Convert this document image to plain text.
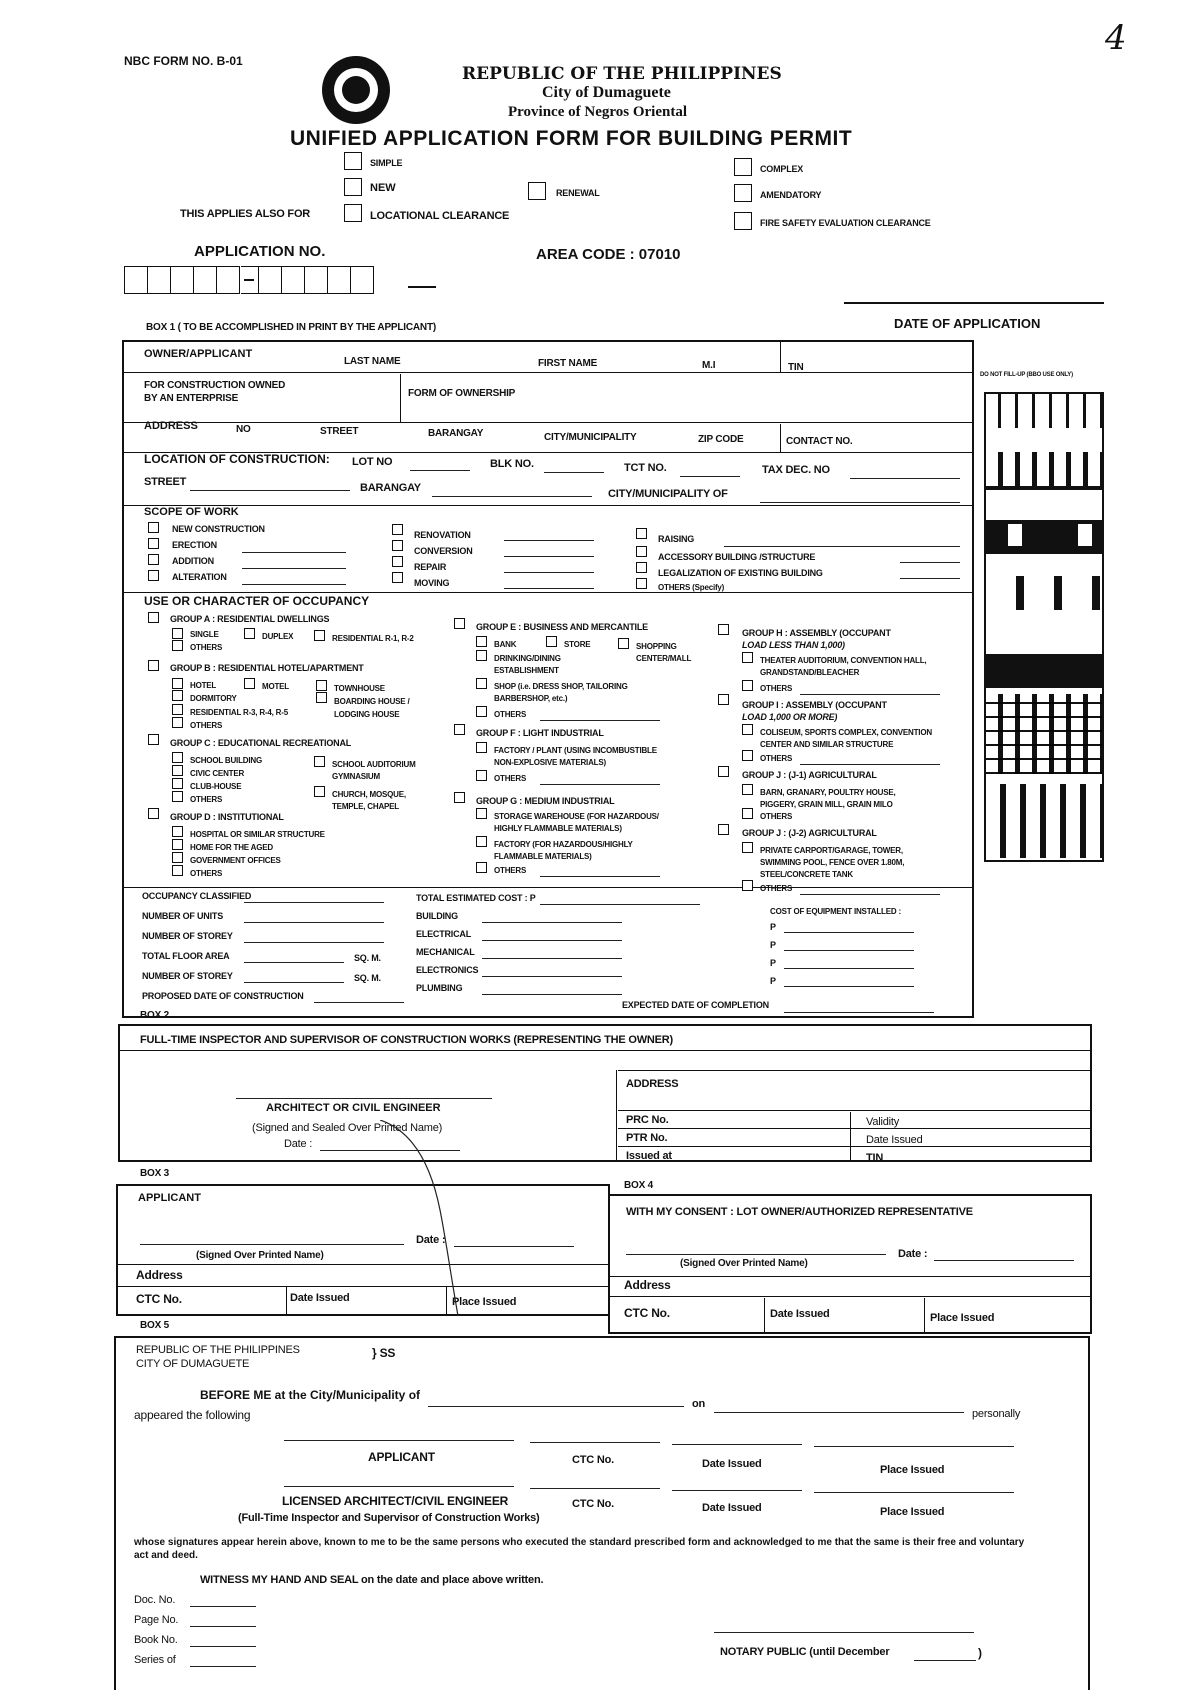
4
NBC FORM NO. B-01
REPUBLIC OF THE PHILIPPINES
City of Dumaguete
Province of Negros Oriental
UNIFIED APPLICATION FORM FOR BUILDING PERMIT
SIMPLE
NEW	RENEWAL
COMPLEX
AMENDATORY
THIS APPLIES ALSO FOR	LOCATIONAL CLEARANCE
FIRE SAFETY EVALUATION CLEARANCE
APPLICATION NO.	AREA CODE : 07010
DATE OF APPLICATION
BOX 1 ( TO BE ACCOMPLISHED IN PRINT BY THE APPLICANT)
OWNER/APPLICANT
LAST NAME	FIRST NAME	M.I	TIN
FOR CONSTRUCTION OWNED
BY AN ENTERPRISE	FORM OF OWNERSHIP
ADDRESS	NO	STREET	BARANGAY	CITY/MUNICIPALITY	ZIP CODE	CONTACT NO.
LOCATION OF CONSTRUCTION: LOT NO	BLK NO.	TCT NO.	TAX DEC. NO
STREET	BARANGAY	CITY/MUNICIPALITY OF
SCOPE OF WORK
NEW CONSTRUCTION
ERECTION
ADDITION
ALTERATION
RENOVATION
CONVERSION
REPAIR
MOVING
RAISING
ACCESSORY BUILDING /STRUCTURE
LEGALIZATION OF EXISTING BUILDING
OTHERS (Specify)
USE OR CHARACTER OF OCCUPANCY
GROUP A : RESIDENTIAL DWELLINGS
SINGLE	DUPLEX	RESIDENTIAL R-1, R-2
OTHERS
GROUP B : RESIDENTIAL HOTEL/APARTMENT
HOTEL	MOTEL	TOWNHOUSE
DORMITORY	BOARDING HOUSE /
LODGING HOUSE
RESIDENTIAL R-3, R-4, R-5
OTHERS
GROUP C : EDUCATIONAL RECREATIONAL
SCHOOL BUILDING
CIVIC CENTER
CLUB-HOUSE
OTHERS
SCHOOL AUDITORIUM
GYMNASIUM
CHURCH, MOSQUE,
TEMPLE, CHAPEL
GROUP D : INSTITUTIONAL
HOSPITAL OR SIMILAR STRUCTURE
HOME FOR THE AGED
GOVERNMENT OFFICES
OTHERS
GROUP E : BUSINESS AND MERCANTILE
BANK	STORE	SHOPPING
CENTER/MALL
DRINKING/DINING
ESTABLISHMENT
SHOP (i.e. DRESS SHOP, TAILORING
BARBERSHOP, etc.)
OTHERS
GROUP F : LIGHT INDUSTRIAL
FACTORY / PLANT (USING INCOMBUSTIBLE
NON-EXPLOSIVE MATERIALS)
OTHERS
GROUP G : MEDIUM INDUSTRIAL
STORAGE WAREHOUSE (FOR HAZARDOUS/
HIGHLY FLAMMABLE MATERIALS)
FACTORY (FOR HAZARDOUS/HIGHLY
FLAMMABLE MATERIALS)
OTHERS
GROUP H : ASSEMBLY (OCCUPANT
LOAD LESS THAN 1,000)
THEATER AUDITORIUM, CONVENTION HALL,
GRANDSTAND/BLEACHER
OTHERS
GROUP I : ASSEMBLY (OCCUPANT
LOAD 1,000 OR MORE)
COLISEUM, SPORTS COMPLEX, CONVENTION
CENTER AND SIMILAR STRUCTURE
OTHERS
GROUP J : (J-1) AGRICULTURAL
BARN, GRANARY, POULTRY HOUSE,
PIGGERY, GRAIN MILL, GRAIN MILO
OTHERS
GROUP J : (J-2) AGRICULTURAL
PRIVATE CARPORT/GARAGE, TOWER,
SWIMMING POOL, FENCE OVER 1.80M,
STEEL/CONCRETE TANK
OTHERS
OCCUPANCY CLASSIFIED
NUMBER OF UNITS
NUMBER OF STOREY
TOTAL FLOOR AREA	SQ. M.
NUMBER OF STOREY	SQ. M.
PROPOSED DATE OF CONSTRUCTION
TOTAL ESTIMATED COST : P
BUILDING
ELECTRICAL
MECHANICAL
ELECTRONICS
PLUMBING
EXPECTED DATE OF COMPLETION
COST OF EQUIPMENT INSTALLED :
P
P
P
P
DO NOT FILL-UP (BBO USE ONLY)
BOX 2
FULL-TIME INSPECTOR AND SUPERVISOR OF CONSTRUCTION WORKS (REPRESENTING THE OWNER)
ARCHITECT OR CIVIL ENGINEER
(Signed and Sealed Over Printed Name)
Date :
ADDRESS
PRC No.	Validity
PTR No.	Date Issued
Issued at	TIN
BOX 3
BOX 4
APPLICANT
Date :
(Signed Over Printed Name)
Address
CTC No.	Date Issued	Place Issued
WITH MY CONSENT : LOT OWNER/AUTHORIZED REPRESENTATIVE
Date :
(Signed Over Printed Name)
Address
CTC No.	Date Issued	Place Issued
BOX 5
REPUBLIC OF THE PHILIPPINES
CITY OF DUMAGUETE
} SS
BEFORE ME at the City/Municipality of
on
personally
appeared the following
APPLICANT	CTC No.	Date Issued	Place Issued
LICENSED ARCHITECT/CIVIL ENGINEER	CTC No.	Date Issued	Place Issued
(Full-Time Inspector and Supervisor of Construction Works)
whose signatures appear herein above, known to me to be the same persons who executed the standard prescribed form and acknowledged to me that the same is their free and voluntary act and deed.
WITNESS MY HAND AND SEAL on the date and place above written.
Doc. No.
Page No.
Book No.
Series of
NOTARY PUBLIC (until December	)
